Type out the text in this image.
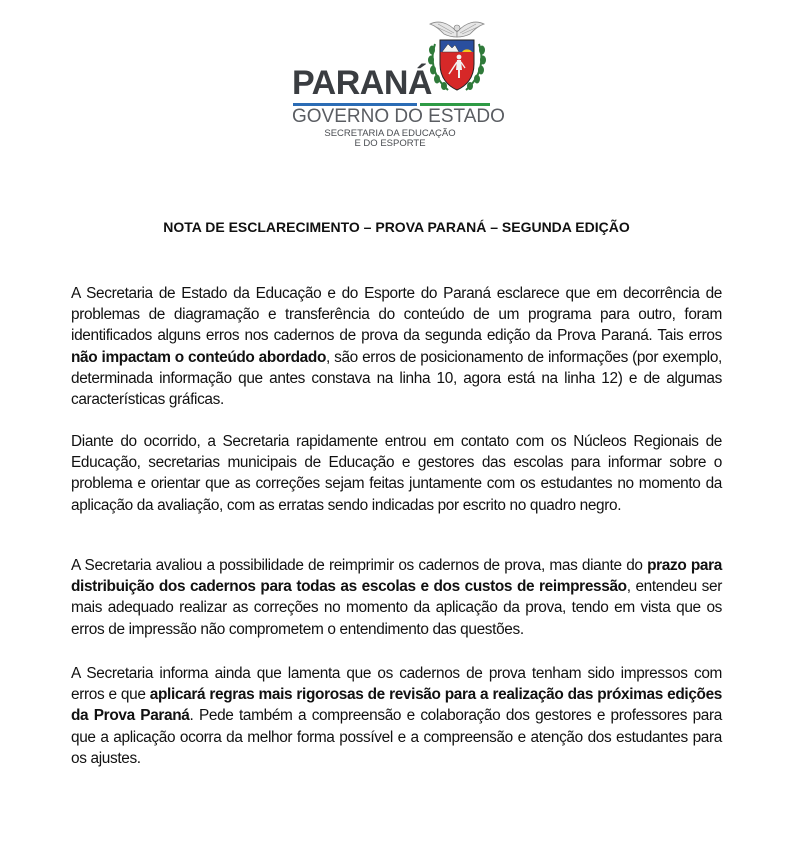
PARANÁ
GOVERNO DO ESTADO
SECRETARIA DA EDUCAÇÃO
E DO ESPORTE
NOTA DE ESCLARECIMENTO – PROVA PARANÁ – SEGUNDA EDIÇÃO
A Secretaria de Estado da Educação e do Esporte do Paraná esclarece que em decorrência de problemas de diagramação e transferência do conteúdo de um programa para outro, foram identificados alguns erros nos cadernos de prova da segunda edição da Prova Paraná. Tais erros não impactam o conteúdo abordado, são erros de posicionamento de informações (por exemplo, determinada informação que antes constava na linha 10, agora está na linha 12) e de algumas características gráficas.
Diante do ocorrido, a Secretaria rapidamente entrou em contato com os Núcleos Regionais de Educação, secretarias municipais de Educação e gestores das escolas para informar sobre o problema e orientar que as correções sejam feitas juntamente com os estudantes no momento da aplicação da avaliação, com as erratas sendo indicadas por escrito no quadro negro.
A Secretaria avaliou a possibilidade de reimprimir os cadernos de prova, mas diante do prazo para distribuição dos cadernos para todas as escolas e dos custos de reimpressão, entendeu ser mais adequado realizar as correções no momento da aplicação da prova, tendo em vista que os erros de impressão não comprometem o entendimento das questões.
A Secretaria informa ainda que lamenta que os cadernos de prova tenham sido impressos com erros e que aplicará regras mais rigorosas de revisão para a realização das próximas edições da Prova Paraná. Pede também a compreensão e colaboração dos gestores e professores para que a aplicação ocorra da melhor forma possível e a compreensão e atenção dos estudantes para os ajustes.
